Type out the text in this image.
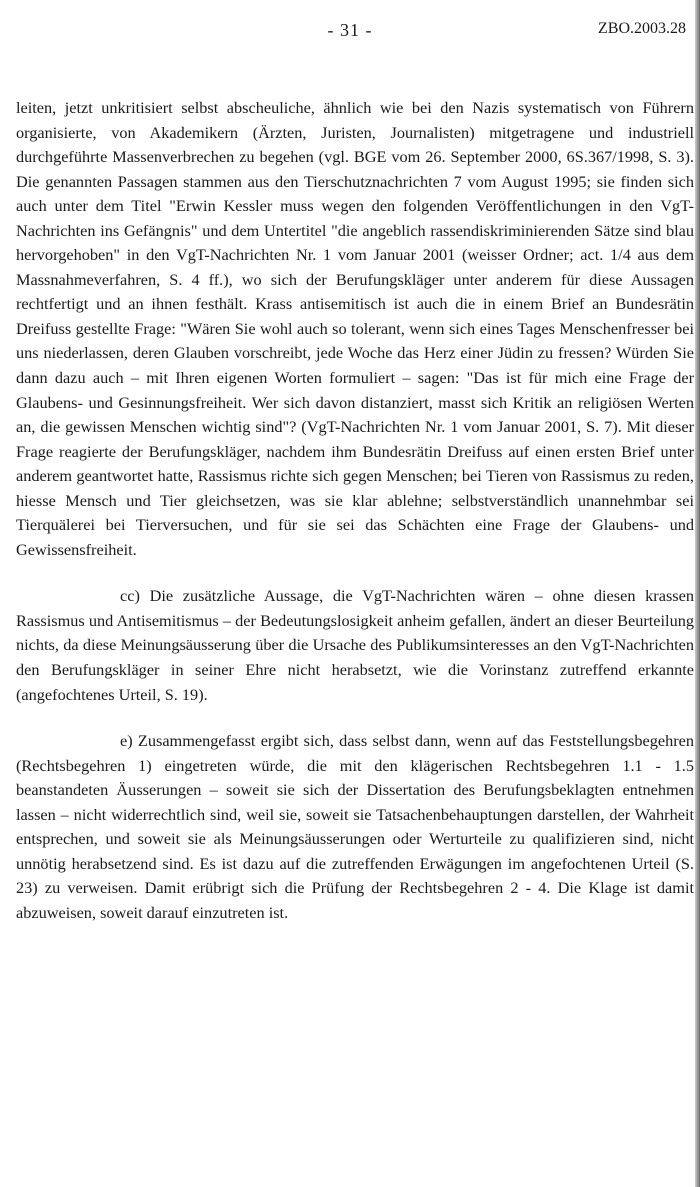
- 31 -	ZBO.2003.28

leiten, jetzt unkritisiert selbst abscheuliche, ähnlich wie bei den Nazis systematisch von Führern organisierte, von Akademikern (Ärzten, Juristen, Journalisten) mitgetragene und industriell durchgeführte Massenverbrechen zu begehen (vgl. BGE vom 26. September 2000, 6S.367/1998, S. 3). Die genannten Passagen stammen aus den Tierschutznachrichten 7 vom August 1995; sie finden sich auch unter dem Titel "Erwin Kessler muss wegen den folgenden Veröffentlichungen in den VgT-Nachrichten ins Gefängnis" und dem Untertitel "die angeblich rassendiskriminierenden Sätze sind blau hervorgehoben" in den VgT-Nachrichten Nr. 1 vom Januar 2001 (weisser Ordner; act. 1/4 aus dem Massnahmeverfahren, S. 4 ff.), wo sich der Berufungskläger unter anderem für diese Aussagen rechtfertigt und an ihnen festhält. Krass antisemitisch ist auch die in einem Brief an Bundesrätin Dreifuss gestellte Frage: "Wären Sie wohl auch so tolerant, wenn sich eines Tages Menschenfresser bei uns niederlassen, deren Glauben vorschreibt, jede Woche das Herz einer Jüdin zu fressen? Würden Sie dann dazu auch – mit Ihren eigenen Worten formuliert – sagen: "Das ist für mich eine Frage der Glaubens- und Gesinnungsfreiheit. Wer sich davon distanziert, masst sich Kritik an religiösen Werten an, die gewissen Menschen wichtig sind"? (VgT-Nachrichten Nr. 1 vom Januar 2001, S. 7). Mit dieser Frage reagierte der Berufungskläger, nachdem ihm Bundesrätin Dreifuss auf einen ersten Brief unter anderem geantwortet hatte, Rassismus richte sich gegen Menschen; bei Tieren von Rassismus zu reden, hiesse Mensch und Tier gleichsetzen, was sie klar ablehne; selbstverständlich unannehmbar sei Tierquälerei bei Tierversuchen, und für sie sei das Schächten eine Frage der Glaubens- und Gewissensfreiheit.

cc) Die zusätzliche Aussage, die VgT-Nachrichten wären – ohne diesen krassen Rassismus und Antisemitismus – der Bedeutungslosigkeit anheim gefallen, ändert an dieser Beurteilung nichts, da diese Meinungsäusserung über die Ursache des Publikumsinteresses an den VgT-Nachrichten den Berufungskläger in seiner Ehre nicht herabsetzt, wie die Vorinstanz zutreffend erkannte (angefochtenes Urteil, S. 19).

e) Zusammengefasst ergibt sich, dass selbst dann, wenn auf das Feststellungsbegehren (Rechtsbegehren 1) eingetreten würde, die mit den klägerischen Rechtsbegehren 1.1 - 1.5 beanstandeten Äusserungen – soweit sie sich der Dissertation des Berufungsbeklagten entnehmen lassen – nicht widerrechtlich sind, weil sie, soweit sie Tatsachenbehauptungen darstellen, der Wahrheit entsprechen, und soweit sie als Meinungsäusserungen oder Werturteile zu qualifizieren sind, nicht unnötig herabsetzend sind. Es ist dazu auf die zutreffenden Erwägungen im angefochtenen Urteil (S. 23) zu verweisen. Damit erübrigt sich die Prüfung der Rechtsbegehren 2 - 4. Die Klage ist damit abzuweisen, soweit darauf einzutreten ist.
